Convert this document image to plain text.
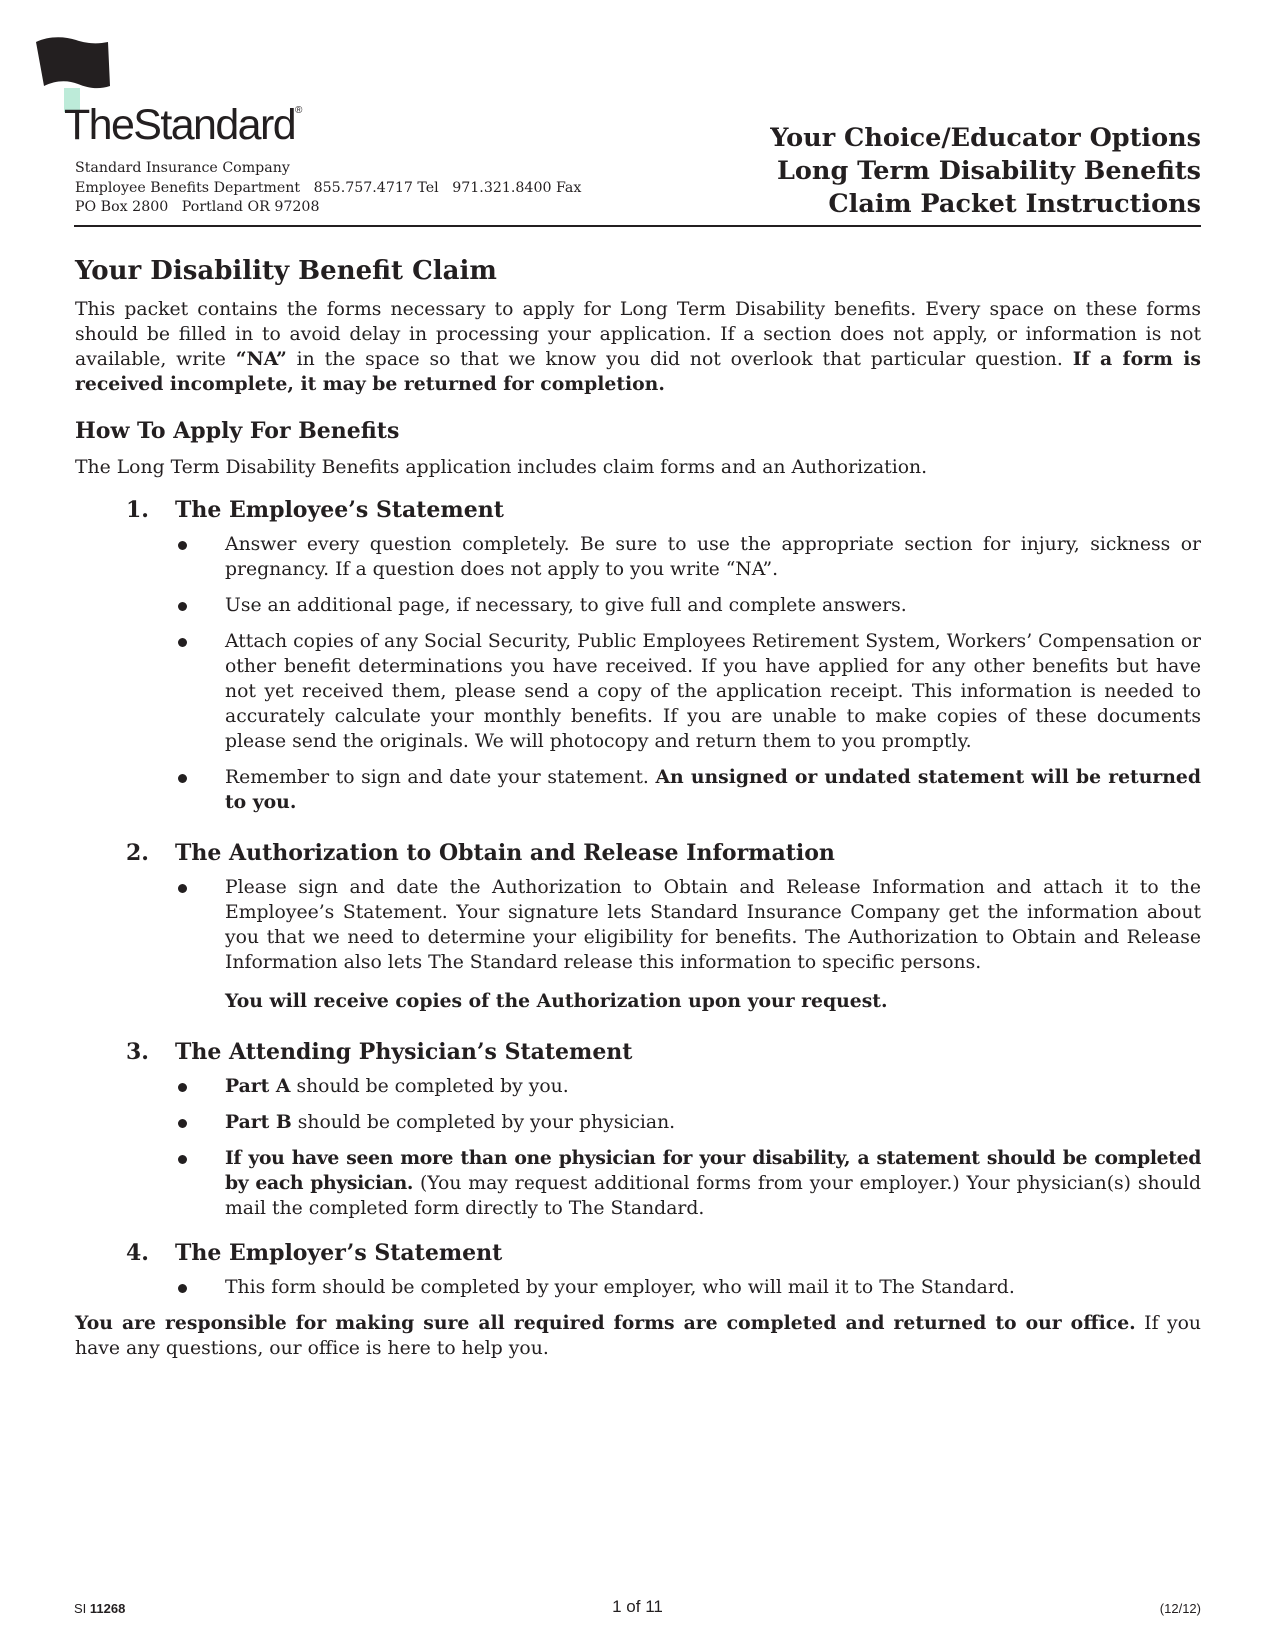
TheStandard®
Standard Insurance Company
Employee Benefits Department   855.757.4717 Tel   971.321.8400 Fax
PO Box 2800   Portland OR 97208
Your Choice/Educator Options
Long Term Disability Benefits
Claim Packet Instructions
Your Disability Benefit Claim

This packet contains the forms necessary to apply for Long Term Disability benefits. Every space on these forms should be filled in to avoid delay in processing your application. If a section does not apply, or information is not available, write “NA” in the space so that we know you did not overlook that particular question. If a form is received incomplete, it may be returned for completion.

How To Apply For Benefits

The Long Term Disability Benefits application includes claim forms and an Authorization.

1. The Employee’s Statement
Answer every question completely. Be sure to use the appropriate section for injury, sickness or pregnancy. If a question does not apply to you write “NA”.
Use an additional page, if necessary, to give full and complete answers.
Attach copies of any Social Security, Public Employees Retirement System, Workers’ Compensation or other benefit determinations you have received. If you have applied for any other benefits but have not yet received them, please send a copy of the application receipt. This information is needed to accurately calculate your monthly benefits. If you are unable to make copies of these documents please send the originals. We will photocopy and return them to you promptly.
Remember to sign and date your statement. An unsigned or undated statement will be returned to you.
2. The Authorization to Obtain and Release Information
Please sign and date the Authorization to Obtain and Release Information and attach it to the Employee’s Statement. Your signature lets Standard Insurance Company get the information about you that we need to determine your eligibility for benefits. The Authorization to Obtain and Release Information also lets The Standard release this information to specific persons.
You will receive copies of the Authorization upon your request.
3. The Attending Physician’s Statement
Part A should be completed by you.
Part B should be completed by your physician.
If you have seen more than one physician for your disability, a statement should be completed by each physician. (You may request additional forms from your employer.) Your physician(s) should mail the completed form directly to The Standard.
4. The Employer’s Statement
This form should be completed by your employer, who will mail it to The Standard.

You are responsible for making sure all required forms are completed and returned to our office. If you have any questions, our office is here to help you.

SI 11268	1 of 11	(12/12)
